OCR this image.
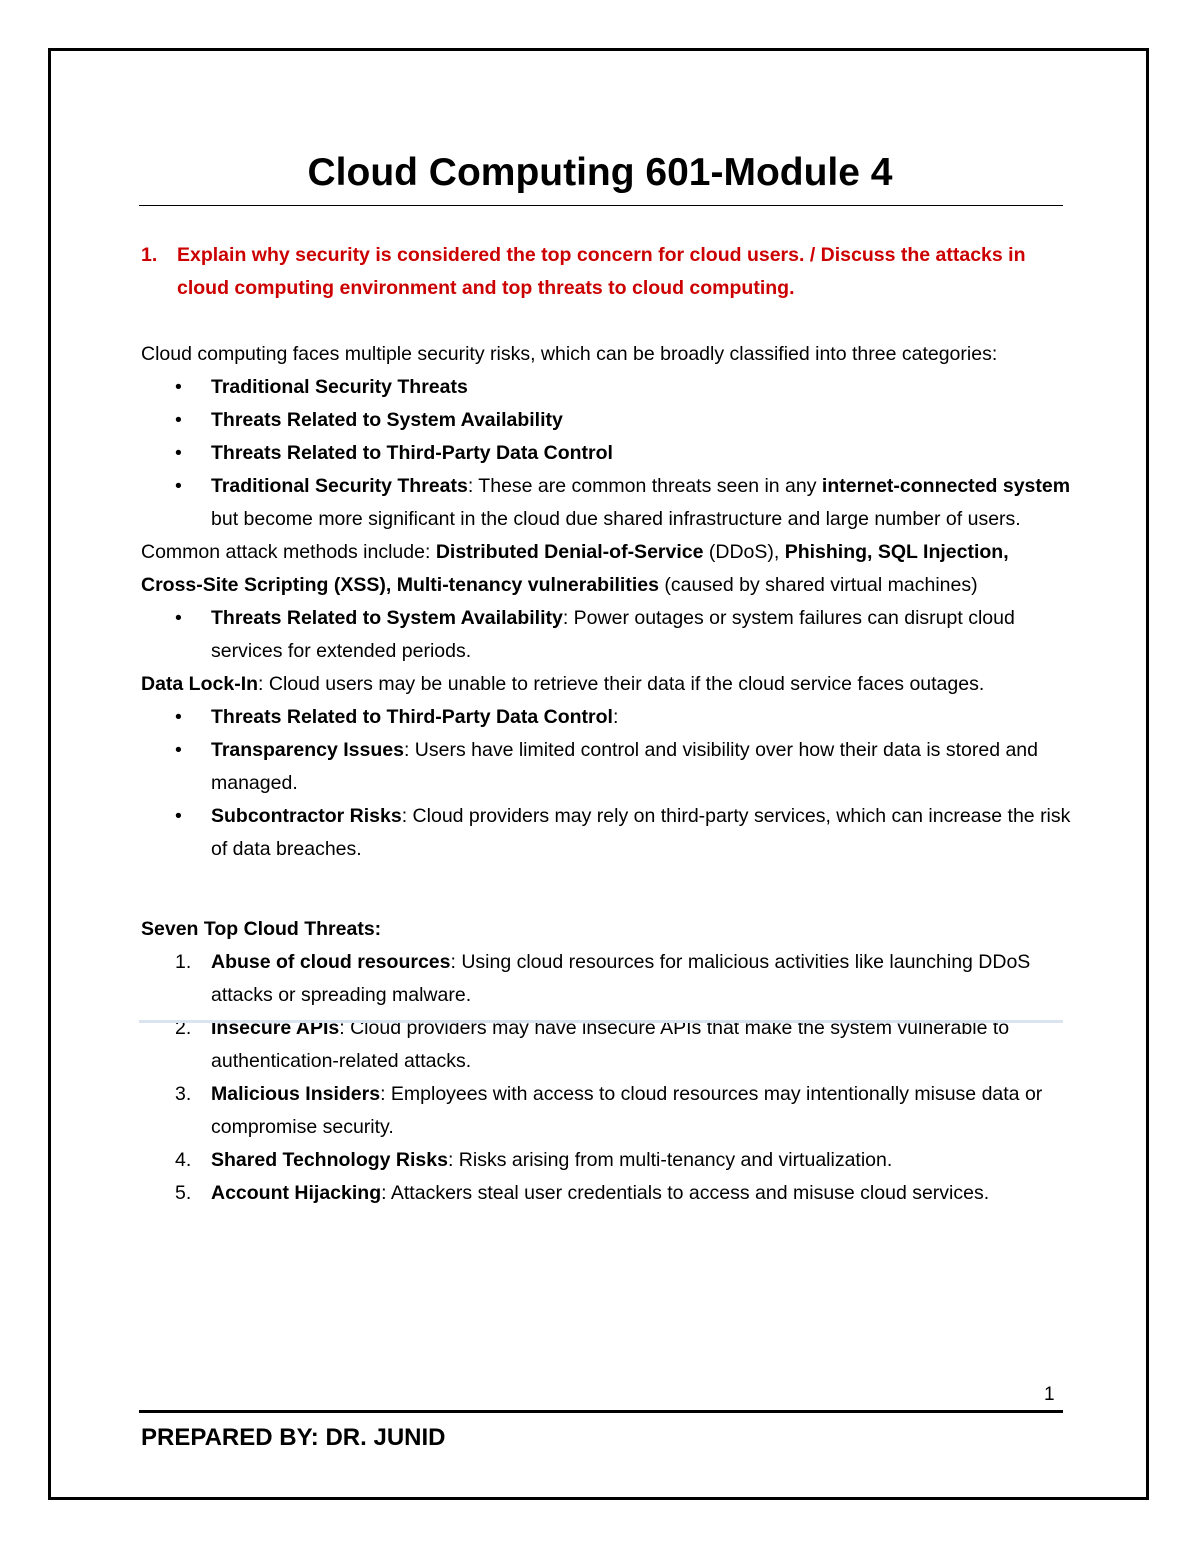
Cloud Computing 601-Module 4
1.	Explain why security is considered the top concern for cloud users. / Discuss the attacks in cloud computing environment and top threats to cloud computing.
Cloud computing faces multiple security risks, which can be broadly classified into three categories:
•	Traditional Security Threats
•	Threats Related to System Availability
•	Threats Related to Third-Party Data Control
•	Traditional Security Threats: These are common threats seen in any internet-connected system but become more significant in the cloud due shared infrastructure and large number of users.
Common attack methods include: Distributed Denial-of-Service (DDoS), Phishing, SQL Injection, Cross-Site Scripting (XSS), Multi-tenancy vulnerabilities (caused by shared virtual machines)
•	Threats Related to System Availability: Power outages or system failures can disrupt cloud services for extended periods.
Data Lock-In: Cloud users may be unable to retrieve their data if the cloud service faces outages.
•	Threats Related to Third-Party Data Control:
•	Transparency Issues: Users have limited control and visibility over how their data is stored and managed.
•	Subcontractor Risks: Cloud providers may rely on third-party services, which can increase the risk of data breaches.
Seven Top Cloud Threats:
1.	Abuse of cloud resources: Using cloud resources for malicious activities like launching DDoS attacks or spreading malware.
2.	Insecure APIs: Cloud providers may have insecure APIs that make the system vulnerable to authentication-related attacks.
3.	Malicious Insiders: Employees with access to cloud resources may intentionally misuse data or compromise security.
4.	Shared Technology Risks: Risks arising from multi-tenancy and virtualization.
5.	Account Hijacking: Attackers steal user credentials to access and misuse cloud services.
1
PREPARED BY: DR. JUNID
